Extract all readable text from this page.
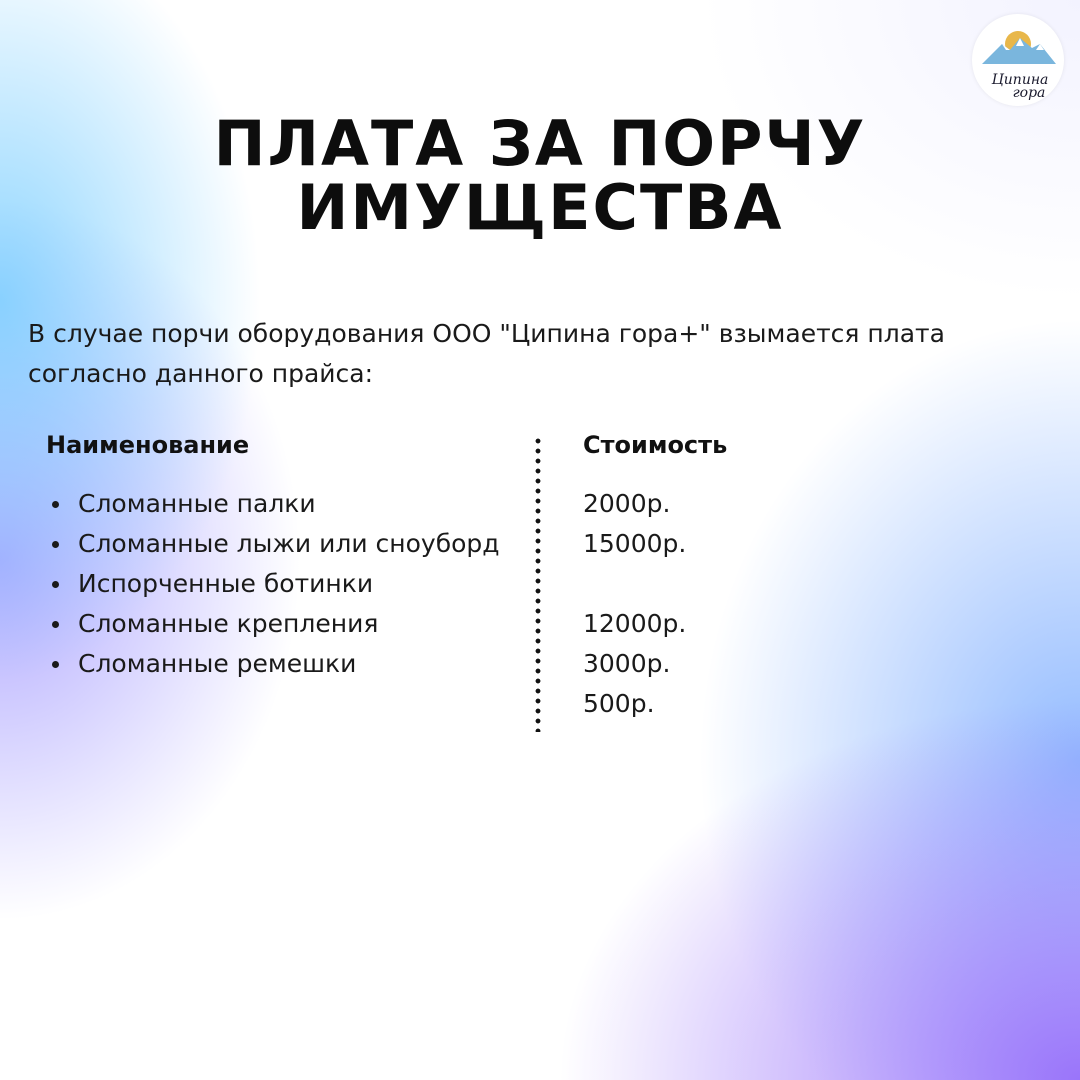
Ципина
гора
ПЛАТА ЗА ПОРЧУ
ИМУЩЕСТВА

В случае порчи оборудования ООО "Ципина гора+" взымается плата согласно данного прайса:

Наименование	Стоимость
Сломанные палки
Сломанные лыжи или сноуборд
Испорченные ботинки
Сломанные крепления
Сломанные ремешки
2000р.
15000р.
12000р.
3000р.
500р.
